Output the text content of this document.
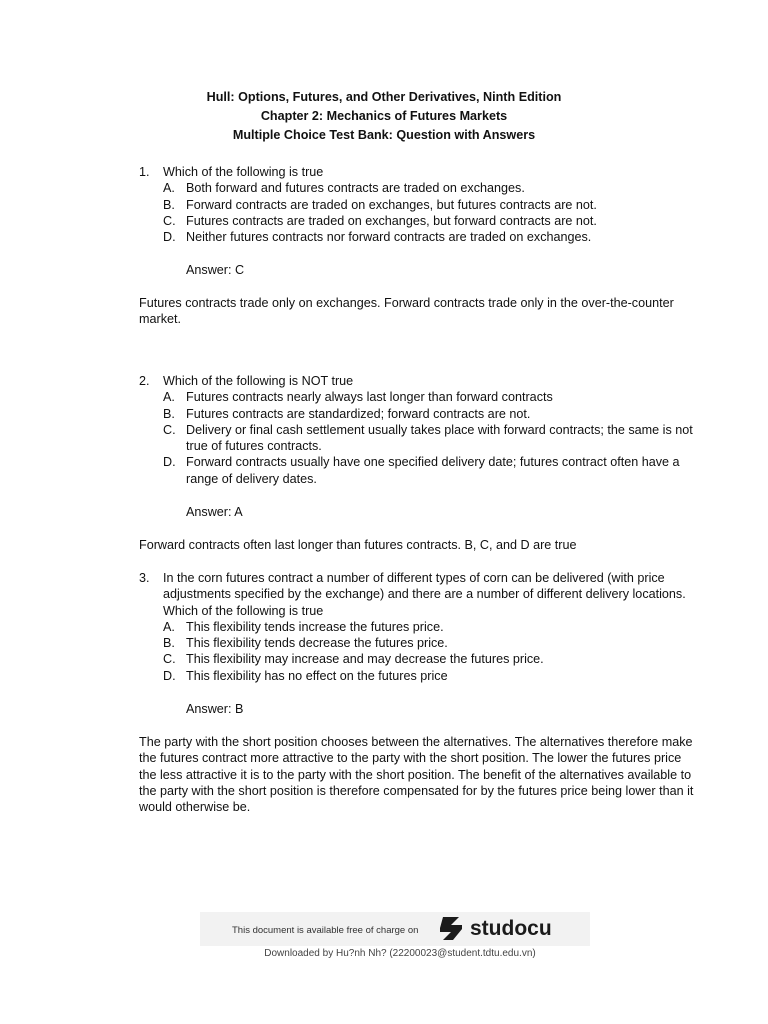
Hull: Options, Futures, and Other Derivatives, Ninth Edition
Chapter 2: Mechanics of Futures Markets
Multiple Choice Test Bank: Question with Answers
1. Which of the following is true
A. Both forward and futures contracts are traded on exchanges.
B. Forward contracts are traded on exchanges, but futures contracts are not.
C. Futures contracts are traded on exchanges, but forward contracts are not.
D. Neither futures contracts nor forward contracts are traded on exchanges.
Answer: C
Futures contracts trade only on exchanges. Forward contracts trade only in the over-the-counter market.
2. Which of the following is NOT true
A. Futures contracts nearly always last longer than forward contracts
B. Futures contracts are standardized; forward contracts are not.
C. Delivery or final cash settlement usually takes place with forward contracts; the same is not true of futures contracts.
D. Forward contracts usually have one specified delivery date; futures contract often have a range of delivery dates.
Answer: A
Forward contracts often last longer than futures contracts. B, C, and D are true
3. In the corn futures contract a number of different types of corn can be delivered (with price adjustments specified by the exchange) and there are a number of different delivery locations. Which of the following is true
A. This flexibility tends increase the futures price.
B. This flexibility tends decrease the futures price.
C. This flexibility may increase and may decrease the futures price.
D. This flexibility has no effect on the futures price
Answer: B
The party with the short position chooses between the alternatives. The alternatives therefore make the futures contract more attractive to the party with the short position. The lower the futures price the less attractive it is to the party with the short position. The benefit of the alternatives available to the party with the short position is therefore compensated for by the futures price being lower than it would otherwise be.
This document is available free of charge on studocu
Downloaded by Hu?nh Nh? (22200023@student.tdtu.edu.vn)
